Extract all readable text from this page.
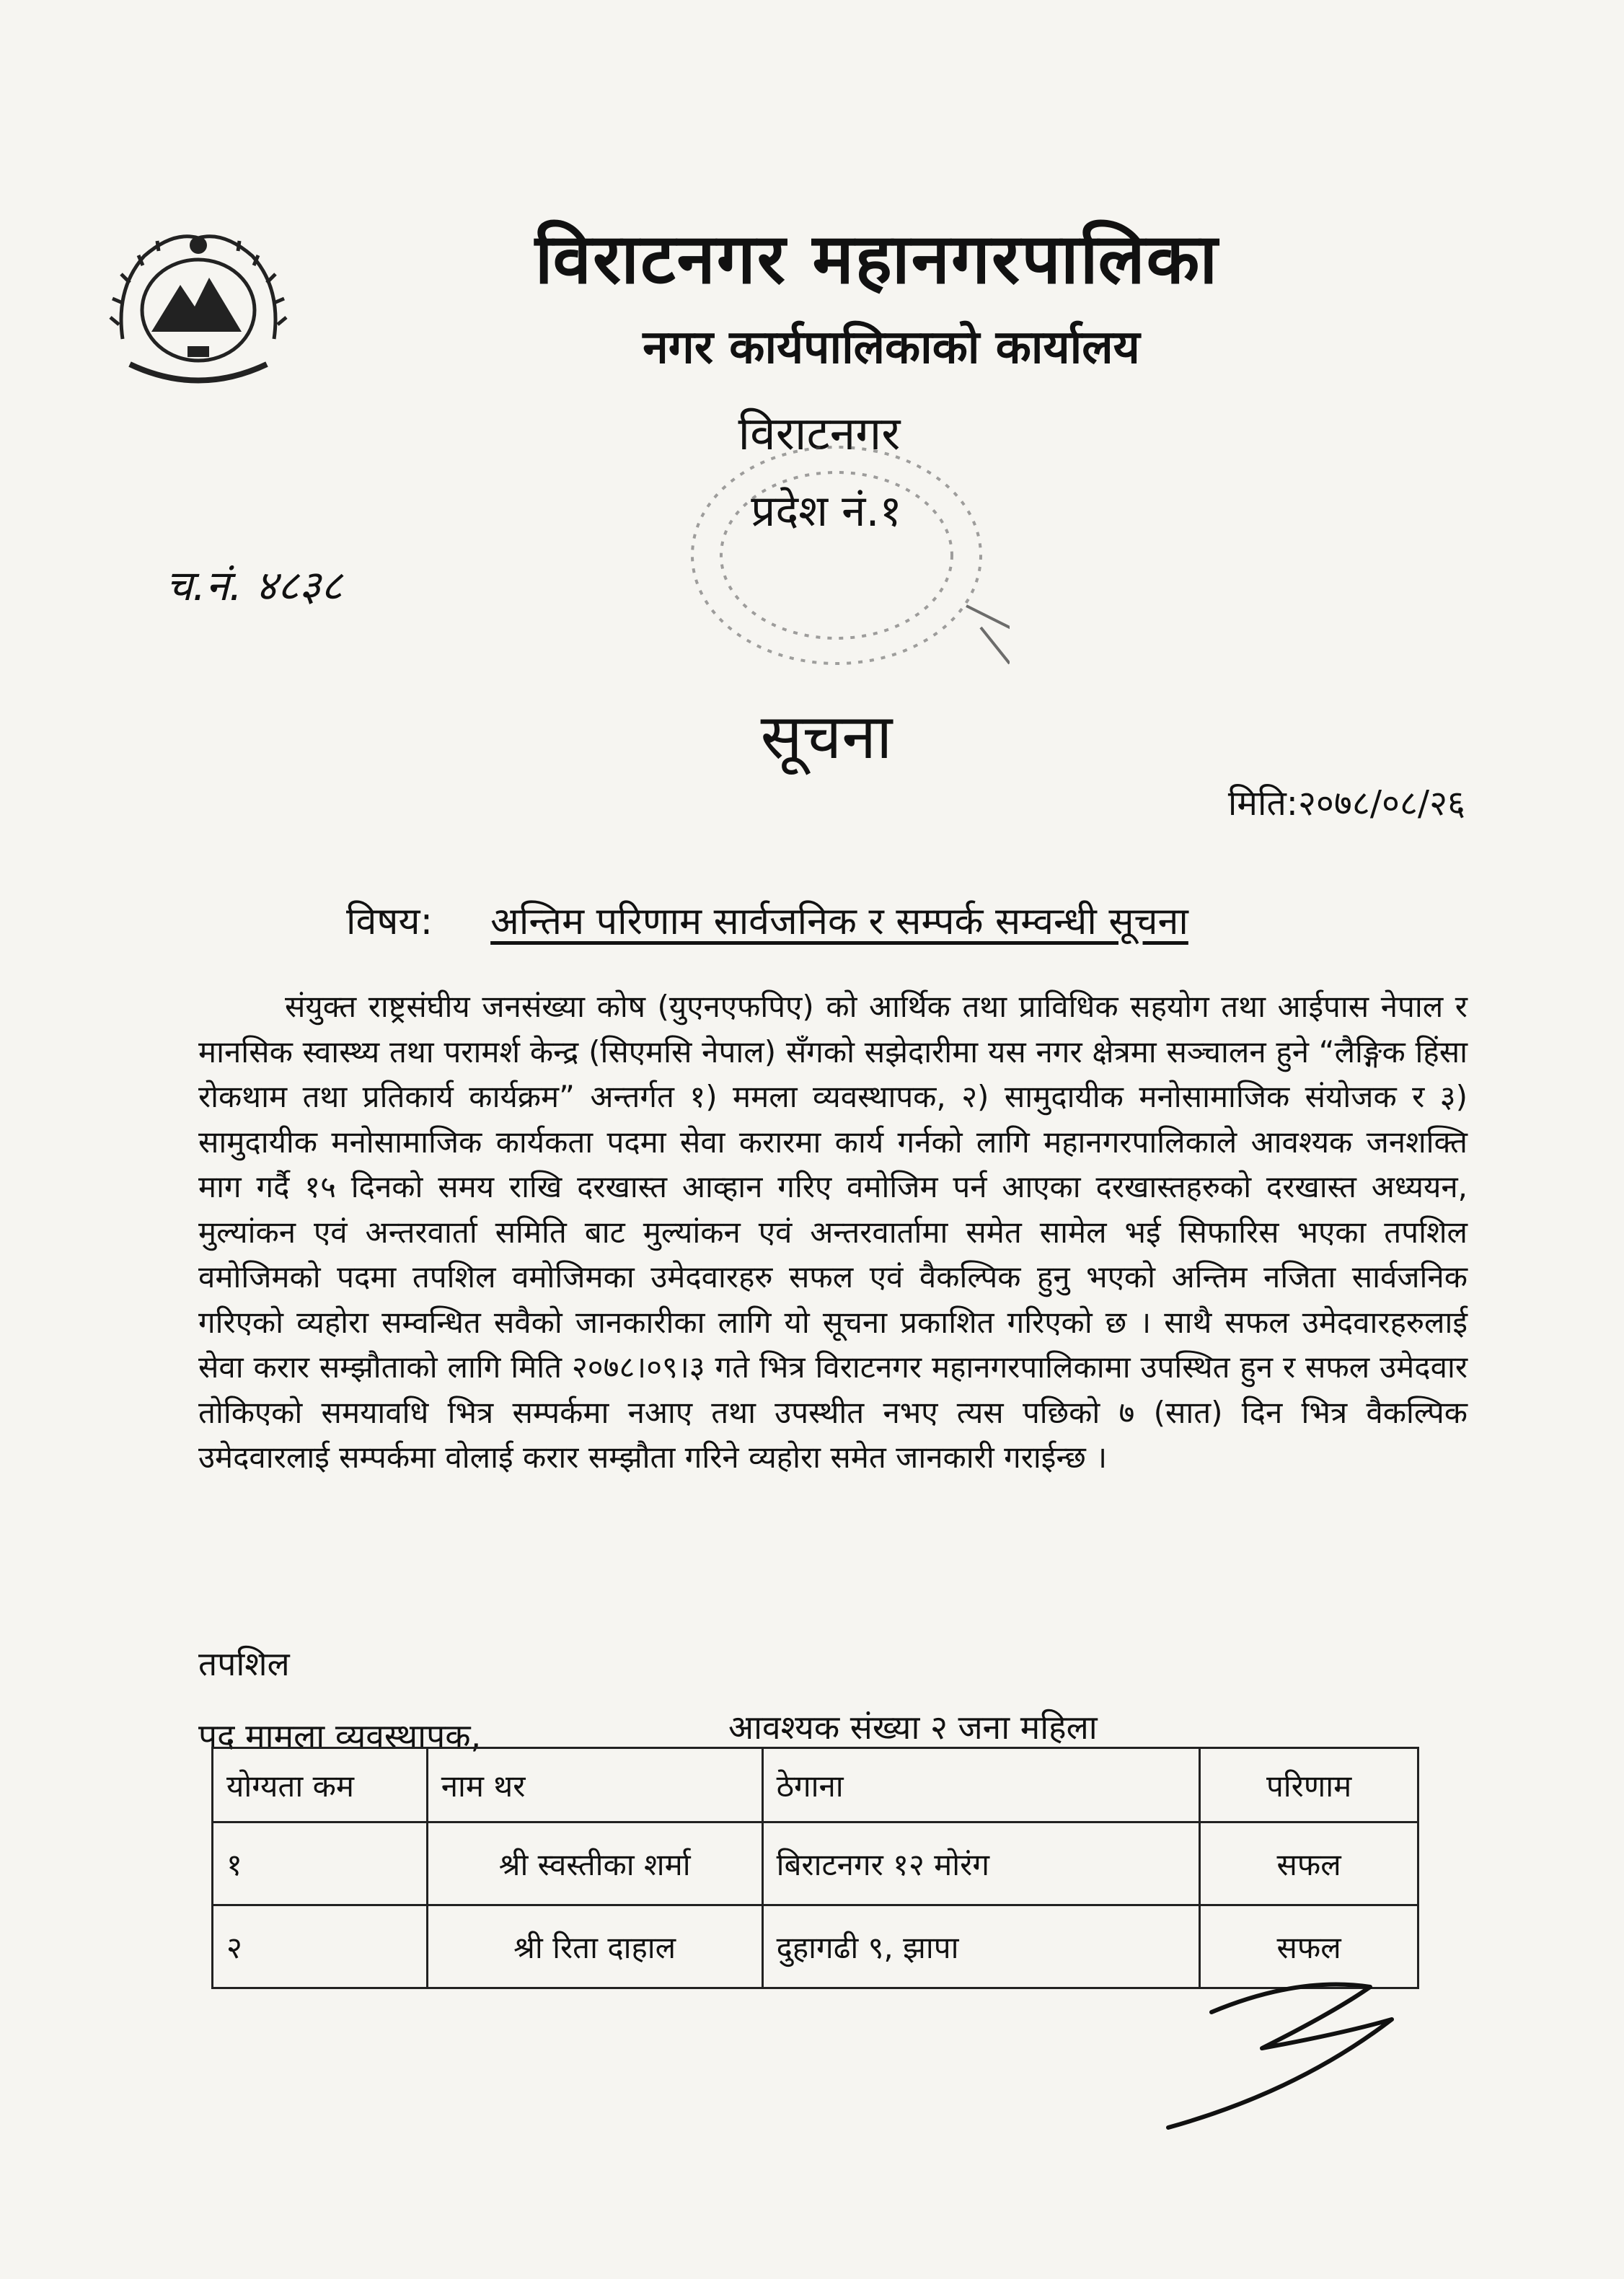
विराटनगर महानगरपालिका
नगर कार्यपालिकाको कार्यालय
विराटनगर
प्रदेश नं.१
च.नं. ४८३८
सूचना
मिति:२०७८/०८/२६
विषय: अन्तिम परिणाम सार्वजनिक र सम्पर्क सम्वन्धी सूचना
संयुक्त राष्ट्रसंघीय जनसंख्या कोष (युएनएफपिए) को आर्थिक तथा प्राविधिक सहयोग तथा आईपास नेपाल र मानसिक स्वास्थ्य तथा परामर्श केन्द्र (सिएमसि नेपाल) सँगको सझेदारीमा यस नगर क्षेत्रमा सञ्चालन हुने “लैङ्गिक हिंसा रोकथाम तथा प्रतिकार्य कार्यक्रम” अन्तर्गत १) ममला व्यवस्थापक, २) सामुदायीक मनोसामाजिक संयोजक र ३) सामुदायीक मनोसामाजिक कार्यकता पदमा सेवा करारमा कार्य गर्नको लागि महानगरपालिकाले आवश्यक जनशक्ति माग गर्दै १५ दिनको समय राखि दरखास्त आव्हान गरिए वमोजिम पर्न आएका दरखास्तहरुको दरखास्त अध्ययन, मुल्यांकन एवं अन्तरवार्ता समिति बाट मुल्यांकन एवं अन्तरवार्तामा समेत सामेल भई सिफारिस भएका तपशिल वमोजिमको पदमा तपशिल वमोजिमका उमेदवारहरु सफल एवं वैकल्पिक हुनु भएको अन्तिम नजिता सार्वजनिक गरिएको व्यहोरा सम्वन्धित सवैको जानकारीका लागि यो सूचना प्रकाशित गरिएको छ । साथै सफल उमेदवारहरुलाई सेवा करार सम्झौताको लागि मिति २०७८।०९।३ गते भित्र विराटनगर महानगरपालिकामा उपस्थित हुन र सफल उमेदवार तोकिएको समयावधि भित्र सम्पर्कमा नआए तथा उपस्थीत नभए त्यस पछिको ७ (सात) दिन भित्र वैकल्पिक उमेदवारलाई सम्पर्कमा वोलाई करार सम्झौता गरिने व्यहोरा समेत जानकारी गराईन्छ ।
तपशिल
पद मामला व्यवस्थापक,	आवश्यक संख्या २ जना महिला
योग्यता कम	नाम थर	ठेगाना	परिणाम
१	श्री स्वस्तीका शर्मा	बिराटनगर १२ मोरंग	सफल
२	श्री रिता दाहाल	दुहागढी ९, झापा	सफल
